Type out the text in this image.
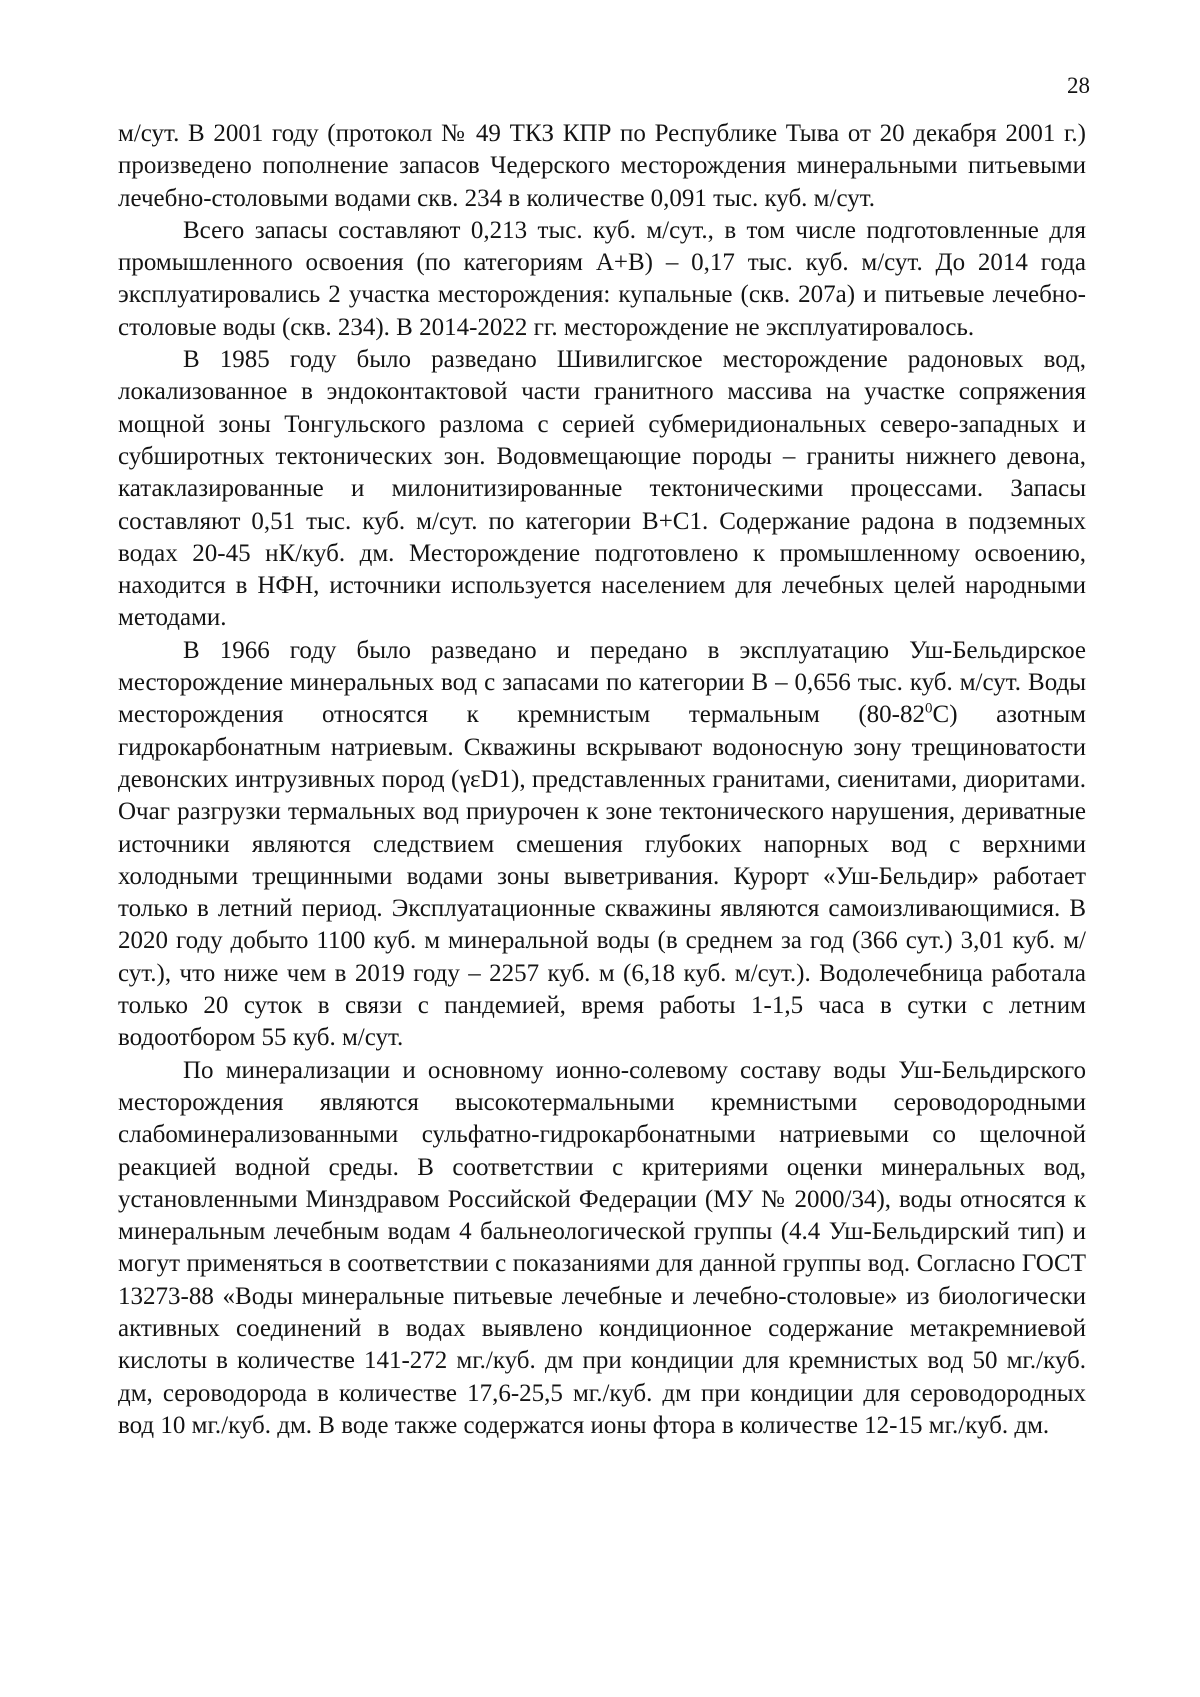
28

м/сут. В 2001 году (протокол № 49 ТКЗ КПР по Республике Тыва от 20 декабря 2001 г.) произведено пополнение запасов Чедерского месторождения минеральными питьевыми лечебно-столовыми водами скв. 234 в количестве 0,091 тыс. куб. м/сут.

Всего запасы составляют 0,213 тыс. куб. м/сут., в том числе подготовленные для промышленного освоения (по категориям А+В) – 0,17 тыс. куб. м/сут. До 2014 года эксплуатировались 2 участка месторождения: купальные (скв. 207а) и питьевые лечебно-столовые воды (скв. 234). В 2014-2022 гг. месторождение не эксплуатировалось.

В 1985 году было разведано Шивилигское месторождение радоновых вод, локализованное в эндоконтактовой части гранитного массива на участке сопряжения мощной зоны Тонгульского разлома с серией субмеридиональных северо-западных и субширотных тектонических зон. Водовмещающие породы – граниты нижнего девона, катаклазированные и милонитизированные тектоническими процессами. Запасы составляют 0,51 тыс. куб. м/сут. по категории В+С1. Содержание радона в подземных водах 20-45 нК/куб. дм. Месторождение подготовлено к промышленному освоению, находится в НФН, источники используется населением для лечебных целей народными методами.

В 1966 году было разведано и передано в эксплуатацию Уш-Бельдирское месторождение минеральных вод с запасами по категории В – 0,656 тыс. куб. м/сут. Воды месторождения относятся к кремнистым термальным $(80-82^0С)$ азотным гидрокарбонатным натриевым. Скважины вскрывают водоносную зону трещиноватости девонских интрузивных пород (γεD1), представленных гранитами, сиенитами, диоритами. Очаг разгрузки термальных вод приурочен к зоне тектонического нарушения, дериватные источники являются следствием смешения глубоких напорных вод с верхними холодными трещинными водами зоны выветривания. Курорт «Уш-Бельдир» работает только в летний период. Эксплуатационные скважины являются самоизливающимися. В 2020 году добыто 1100 куб. м минеральной воды (в среднем за год (366 сут.) 3,01 куб. м/сут.), что ниже чем в 2019 году – 2257 куб. м (6,18 куб. м/сут.). Водолечебница работала только 20 суток в связи с пандемией, время работы 1-1,5 часа в сутки с летним водоотбором 55 куб. м/сут.

По минерализации и основному ионно-солевому составу воды Уш-Бельдирского месторождения являются высокотермальными кремнистыми сероводородными слабоминерализованными сульфатно-гидрокарбонатными натриевыми со щелочной реакцией водной среды. В соответствии с критериями оценки минеральных вод, установленными Минздравом Российской Федерации (МУ № 2000/34), воды относятся к минеральным лечебным водам 4 бальнеологической группы (4.4 Уш-Бельдирский тип) и могут применяться в соответствии с показаниями для данной группы вод. Согласно ГОСТ 13273-88 «Воды минеральные питьевые лечебные и лечебно-столовые» из биологически активных соединений в водах выявлено кондиционное содержание метакремниевой кислоты в количестве 141-272 мг./куб. дм при кондиции для кремнистых вод 50 мг./куб. дм, сероводорода в количестве 17,6-25,5 мг./куб. дм при кондиции для сероводородных вод 10 мг./куб. дм. В воде также содержатся ионы фтора в количестве 12-15 мг./куб. дм.
